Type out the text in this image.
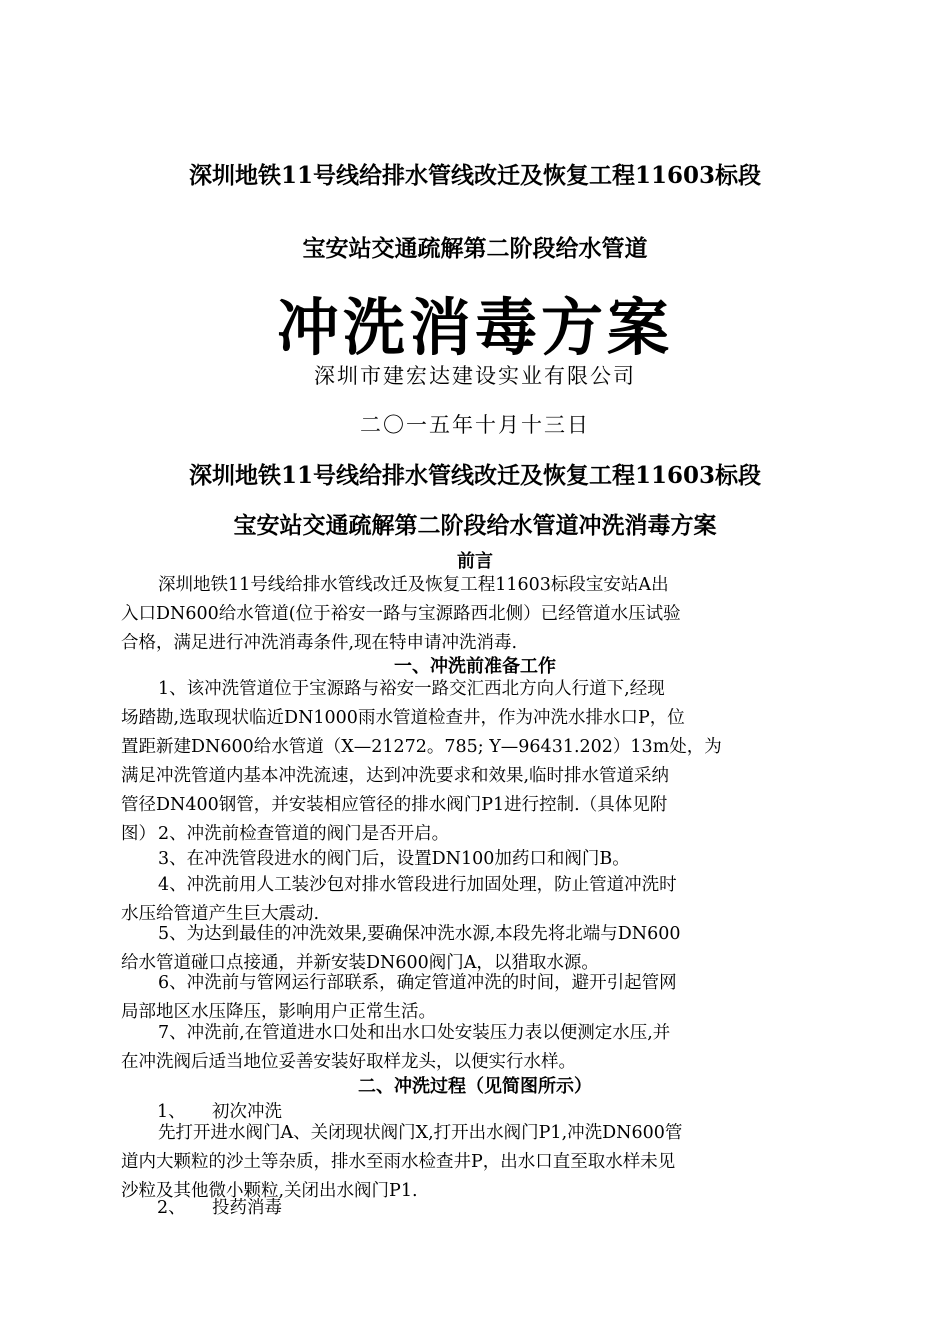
深圳地铁11号线给排水管线改迁及恢复工程11603标段
宝安站交通疏解第二阶段给水管道
冲洗消毒方案
深圳市建宏达建设实业有限公司
二〇一五年十月十三日
深圳地铁11号线给排水管线改迁及恢复工程11603标段
宝安站交通疏解第二阶段给水管道冲洗消毒方案
前言
深圳地铁11号线给排水管线改迁及恢复工程11603标段宝安站A出
入口DN600给水管道(位于裕安一路与宝源路西北侧）已经管道水压试验
合格，满足进行冲洗消毒条件,现在特申请冲洗消毒.
一、冲洗前准备工作
1、该冲洗管道位于宝源路与裕安一路交汇西北方向人行道下,经现
场踏勘,选取现状临近DN1000雨水管道检查井，作为冲洗水排水口P，位
置距新建DN600给水管道（X—21272。785; Y—96431.202）13m处，为
满足冲洗管道内基本冲洗流速，达到冲洗要求和效果,临时排水管道采纳
管径DN400钢管，并安装相应管径的排水阀门P1进行控制.（具体见附
图） 2、冲洗前检查管道的阀门是否开启。
3、在冲洗管段进水的阀门后，设置DN100加药口和阀门B。
4、冲洗前用人工装沙包对排水管段进行加固处理，防止管道冲洗时
水压给管道产生巨大震动.
5、为达到最佳的冲洗效果,要确保冲洗水源,本段先将北端与DN600
给水管道碰口点接通，并新安装DN600阀门A，以猎取水源。
6、冲洗前与管网运行部联系，确定管道冲洗的时间，避开引起管网
局部地区水压降压，影响用户正常生活。
7、冲洗前,在管道进水口处和出水口处安装压力表以便测定水压,并
在冲洗阀后适当地位妥善安装好取样龙头，以便实行水样。
二、冲洗过程（见简图所示）
1、 初次冲洗
先打开进水阀门A、关闭现状阀门X,打开出水阀门P1,冲洗DN600管
道内大颗粒的沙土等杂质，排水至雨水检查井P，出水口直至取水样未见
沙粒及其他微小颗粒,关闭出水阀门P1.
2、 投药消毒
